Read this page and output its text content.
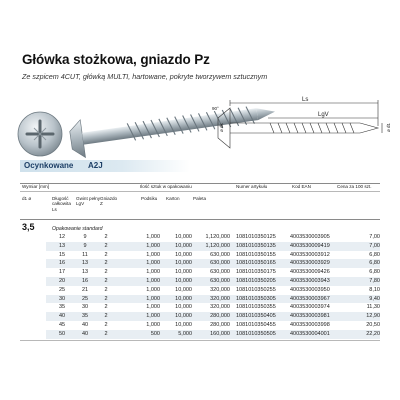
Główka stożkowa, gniazdo Pz
Ze szpicem 4CUT, główką MULTI, hartowane, pokryte tworzywem sztucznym
Ls
LgV
90°
ø dk	ø d1
Ocynkowane A2J
Wymiar [mm]	Ilość sztuk w opakowaniu	Numer artykułu	Kod EAN	Cena za 100 szt.
d1 ø	Długość
całkowita
Ls
Gwint pełny
LgV
Gniazdo
Z
Podsiku Karton	Paleta
3,5	Opakowanie standard
12	9	2	1,000	10,000	1,120,000 1081010350125	4003530003905	7,00
13	9	2	1,000	10,000	1,120,000 1081010350135	4003530009419	7,00
15	11	2	1,000	10,000	630,000 1081010350155	4003530003912	6,80
16	13	2	1,000	10,000	630,000 1081010350165	4003530003929	6,80
17	13	2	1,000	10,000	630,000 1081010350175	4003530009426	6,80
20	16	2	1,000	10,000	630,000 1081010350205	4003530003943	7,80
25	21	2	1,000	10,000	320,000 1081010350255	4003530003950	8,10
30	25	2	1,000	10,000	320,000 1081010350305	4003530003967	9,40
35	30	2	1,000	10,000	320,000 1081010350355	4003530003974	11,30
40	35	2	1,000	10,000	280,000 1081010350405	4003530003981	12,90
45	40	2	1,000	10,000	280,000 1081010350455	4003530003998	20,50
50	40	2	500	5,000	160,000 1081010350505	4003530004001	22,20
